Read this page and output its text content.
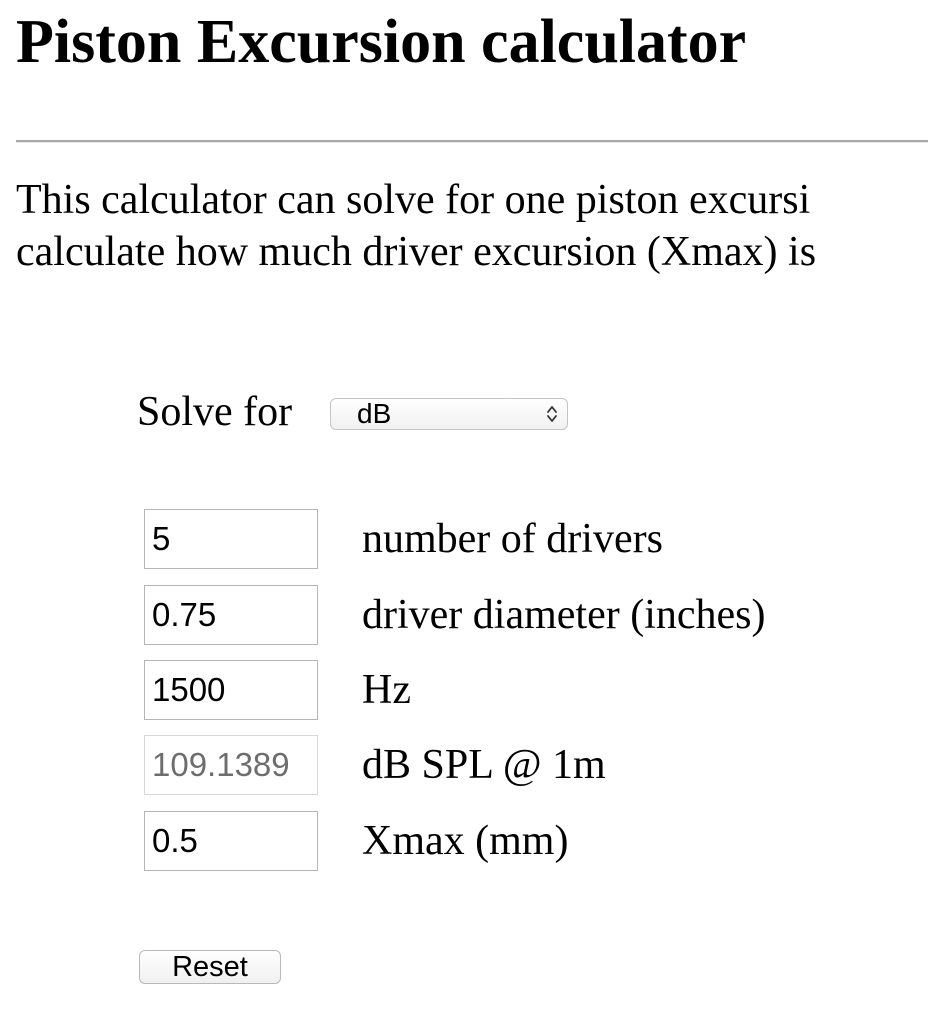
Piston Excursion calculator
This calculator can solve for one piston excursi
calculate how much driver excursion (Xmax) is
Solve for dB
5
number of drivers
0.75
driver diameter (inches)
1500
Hz
109.1389
dB SPL @ 1m
0.5
Xmax (mm)
Reset
